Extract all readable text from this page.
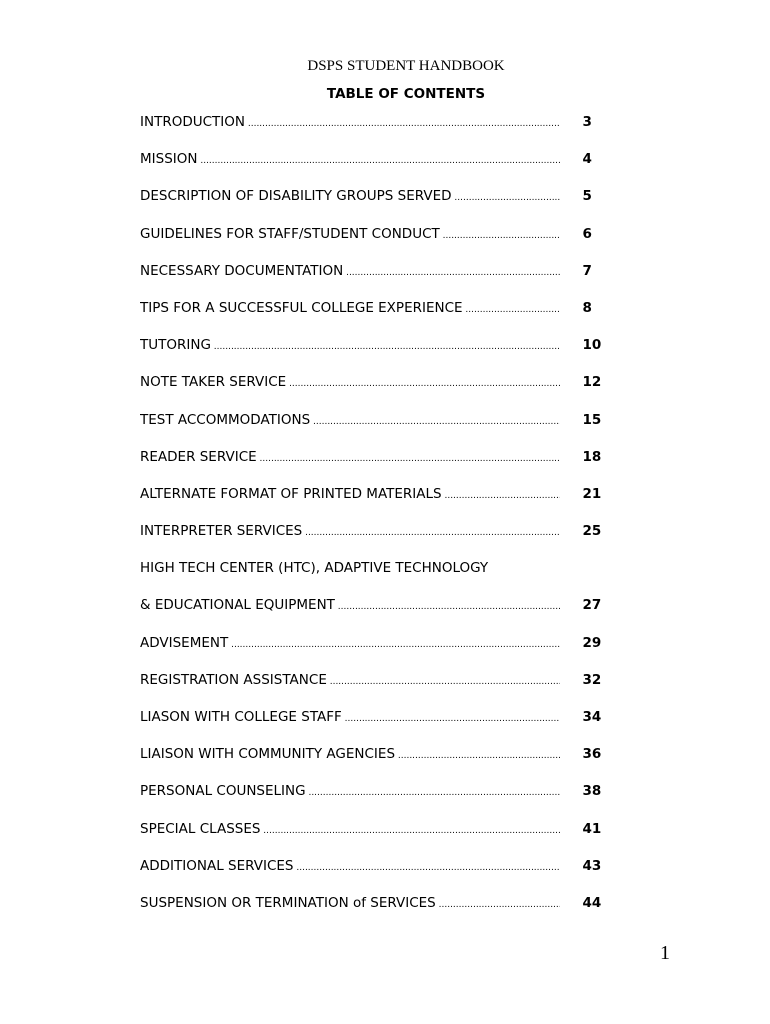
DSPS STUDENT HANDBOOK
TABLE OF CONTENTS
INTRODUCTION .....	3
MISSION .....	4
DESCRIPTION OF DISABILITY GROUPS SERVED .....	5
GUIDELINES FOR STAFF/STUDENT CONDUCT .....	6
NECESSARY DOCUMENTATION .....	7
TIPS FOR A SUCCESSFUL COLLEGE EXPERIENCE .....	8
TUTORING .....	10
NOTE TAKER SERVICE .....	12
TEST ACCOMMODATIONS .....	15
READER SERVICE .....	18
ALTERNATE FORMAT OF PRINTED MATERIALS .....	21
INTERPRETER SERVICES .....	25
HIGH TECH CENTER (HTC), ADAPTIVE TECHNOLOGY
& EDUCATIONAL EQUIPMENT .....	27
ADVISEMENT .....	29
REGISTRATION ASSISTANCE .....	32
LIASON WITH COLLEGE STAFF .....	34
LIAISON WITH COMMUNITY AGENCIES .....	36
PERSONAL COUNSELING .....	38
SPECIAL CLASSES .....	41
ADDITIONAL SERVICES .....	43
SUSPENSION OR TERMINATION of SERVICES .....	44
1
